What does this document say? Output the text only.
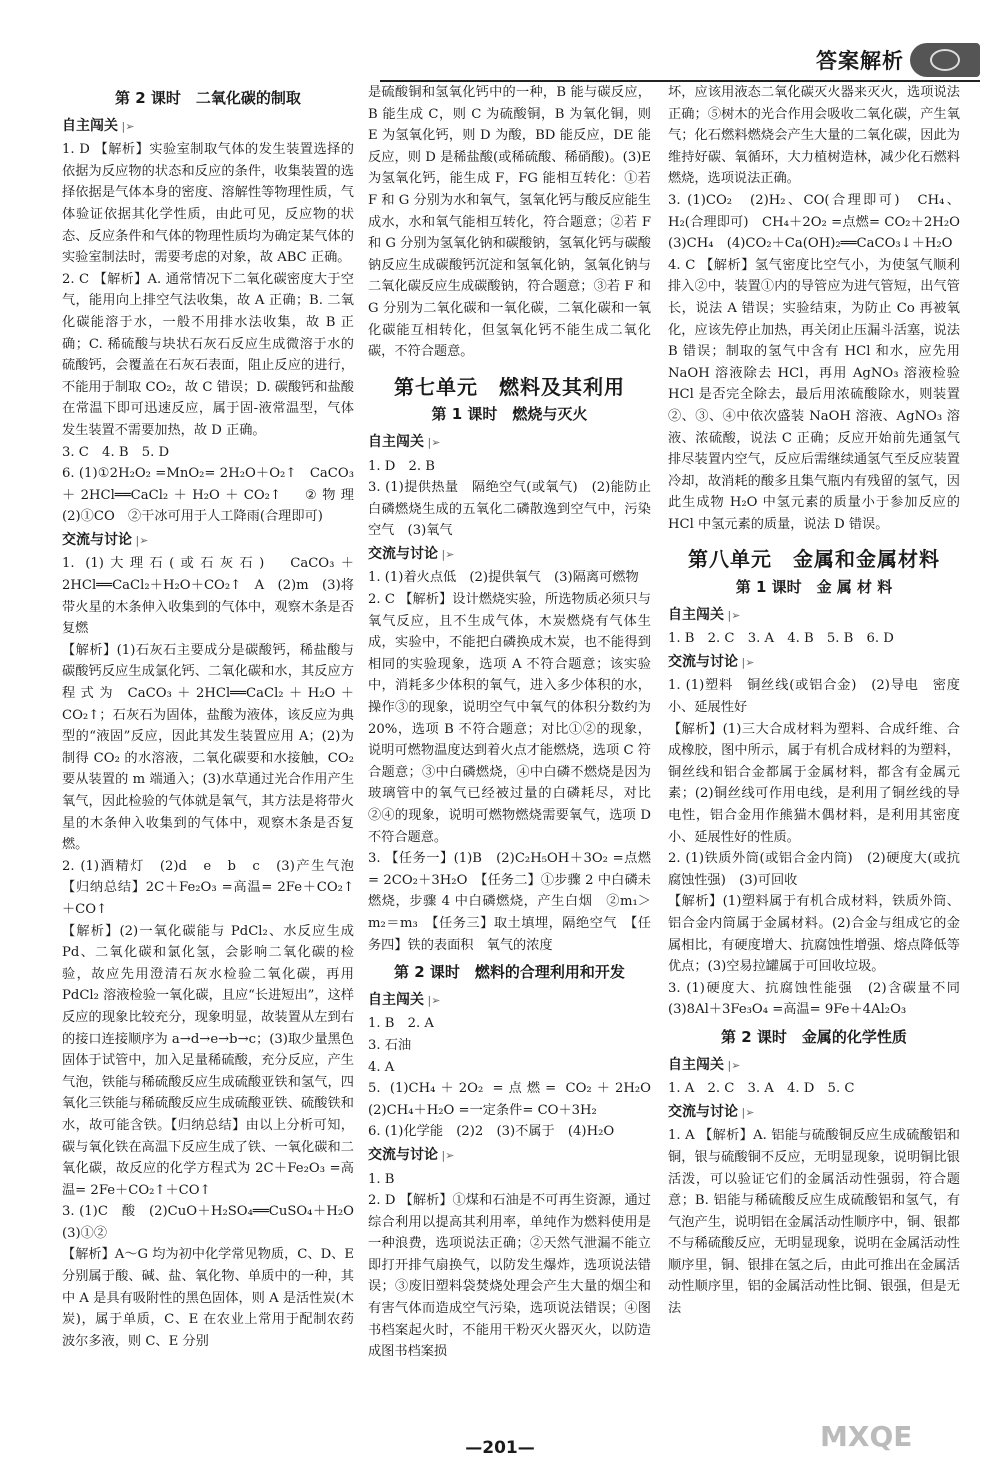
答案解析
第 2 课时　二氧化碳的制取
自主闯关 |➢
1. D 【解析】实验室制取气体的发生装置选择的依据为反应物的状态和反应的条件，收集装置的选择依据是气体本身的密度、溶解性等物理性质，气体验证依据其化学性质，由此可见，反应物的状态、反应条件和气体的物理性质均为确定某气体的实验室制法时，需要考虑的对象，故 ABC 正确。
2. C 【解析】A. 通常情况下二氧化碳密度大于空气，能用向上排空气法收集，故 A 正确；B. 二氧化碳能溶于水，一般不用排水法收集，故 B 正确；C. 稀硫酸与块状石灰石反应生成微溶于水的硫酸钙，会覆盖在石灰石表面，阻止反应的进行，不能用于制取 CO₂，故 C 错误；D. 碳酸钙和盐酸在常温下即可迅速反应，属于固-液常温型，气体发生装置不需要加热，故 D 正确。
3. C　4. B　5. D
6. (1)①2H₂O₂ =MnO₂= 2H₂O＋O₂↑　CaCO₃＋2HCl══CaCl₂＋H₂O＋CO₂↑　②物理　(2)①CO　②干冰可用于人工降雨(合理即可)
交流与讨论 |➢
1. (1)大理石(或石灰石)　CaCO₃＋2HCl══CaCl₂＋H₂O＋CO₂↑　A　(2)m　(3)将带火星的木条伸入收集到的气体中，观察木条是否复燃
【解析】(1)石灰石主要成分是碳酸钙，稀盐酸与碳酸钙反应生成氯化钙、二氧化碳和水，其反应方程式为 CaCO₃＋2HCl══CaCl₂＋H₂O＋CO₂↑；石灰石为固体，盐酸为液体，该反应为典型的“液固”反应，因此其发生装置应用 A；(2)为制得 CO₂ 的水溶液，二氧化碳要和水接触，CO₂ 要从装置的 m 端通入；(3)水草通过光合作用产生氧气，因此检验的气体就是氧气，其方法是将带火星的木条伸入收集到的气体中，观察木条是否复燃。
2. (1)酒精灯　(2)d　e　b　c　(3)产生气泡　【归纳总结】2C＋Fe₂O₃ =高温= 2Fe＋CO₂↑＋CO↑
【解析】(2)一氧化碳能与 PdCl₂、水反应生成 Pd、二氧化碳和氯化氢，会影响二氧化碳的检验，故应先用澄清石灰水检验二氧化碳，再用 PdCl₂ 溶液检验一氧化碳，且应“长进短出”，这样反应的现象比较充分，现象明显，故装置从左到右的接口连接顺序为 a→d→e→b→c；(3)取少量黑色固体于试管中，加入足量稀硫酸，充分反应，产生气泡，铁能与稀硫酸反应生成硫酸亚铁和氢气，四氧化三铁能与稀硫酸反应生成硫酸亚铁、硫酸铁和水，故可能含铁。【归纳总结】由以上分析可知，碳与氧化铁在高温下反应生成了铁、一氧化碳和二氧化碳，故反应的化学方程式为 2C＋Fe₂O₃ =高温= 2Fe＋CO₂↑＋CO↑
3. (1)C　酸　(2)CuO＋H₂SO₄══CuSO₄＋H₂O　(3)①②
【解析】A～G 均为初中化学常见物质，C、D、E 分别属于酸、碱、盐、氧化物、单质中的一种，其中 A 是具有吸附性的黑色固体，则 A 是活性炭(木炭)，属于单质，C、E 在农业上常用于配制农药波尔多液，则 C、E 分别
是硫酸铜和氢氧化钙中的一种，B 能与碳反应，B 能生成 C，则 C 为硫酸铜，B 为氧化铜，则 E 为氢氧化钙，则 D 为酸，BD 能反应，DE 能反应，则 D 是稀盐酸(或稀硫酸、稀硝酸)。(3)E 为氢氧化钙，能生成 F，FG 能相互转化：①若 F 和 G 分别为水和氧气，氢氧化钙与酸反应能生成水，水和氧气能相互转化，符合题意；②若 F 和 G 分别为氢氧化钠和碳酸钠，氢氧化钙与碳酸钠反应生成碳酸钙沉淀和氢氧化钠，氢氧化钠与二氧化碳反应生成碳酸钠，符合题意；③若 F 和 G 分别为二氧化碳和一氧化碳，二氧化碳和一氧化碳能互相转化，但氢氧化钙不能生成二氧化碳，不符合题意。
第七单元　燃料及其利用
第 1 课时　燃烧与灭火
自主闯关 |➢
1. D　2. B
3. (1)提供热量　隔绝空气(或氧气)　(2)能防止白磷燃烧生成的五氧化二磷散逸到空气中，污染空气　(3)氧气
交流与讨论 |➢
1. (1)着火点低　(2)提供氧气　(3)隔离可燃物
2. C 【解析】设计燃烧实验，所选物质必须只与氧气反应，且不生成气体，木炭燃烧有气体生成，实验中，不能把白磷换成木炭，也不能得到相同的实验现象，选项 A 不符合题意；该实验中，消耗多少体积的氧气，进入多少体积的水，操作③的现象，说明空气中氧气的体积分数约为 20%，选项 B 不符合题意；对比①②的现象，说明可燃物温度达到着火点才能燃烧，选项 C 符合题意；③中白磷燃烧，④中白磷不燃烧是因为玻璃管中的氧气已经被过量的白磷耗尽，对比②④的现象，说明可燃物燃烧需要氧气，选项 D 不符合题意。
3. 【任务一】(1)B　(2)C₂H₅OH＋3O₂ =点燃= 2CO₂＋3H₂O　【任务二】①步骤 2 中白磷未燃烧，步骤 4 中白磷燃烧，产生白烟　②m₁＞m₂＝m₃　【任务三】取土填埋，隔绝空气　【任务四】铁的表面积　氧气的浓度
第 2 课时　燃料的合理利用和开发
自主闯关 |➢
1. B　2. A
3. 石油
4. A
5. (1)CH₄＋2O₂ =点燃= CO₂＋2H₂O　(2)CH₄＋H₂O =一定条件= CO＋3H₂
6. (1)化学能　(2)2　(3)不属于　(4)H₂O
交流与讨论 |➢
1. B
2. D 【解析】①煤和石油是不可再生资源，通过综合利用以提高其利用率，单纯作为燃料使用是一种浪费，选项说法正确；②天然气泄漏不能立即打开排气扇换气，以防发生爆炸，选项说法错误；③废旧塑料袋焚烧处理会产生大量的烟尘和有害气体而造成空气污染，选项说法错误；④图书档案起火时，不能用干粉灭火器灭火，以防造成图书档案损
坏，应该用液态二氧化碳灭火器来灭火，选项说法正确；⑤树木的光合作用会吸收二氧化碳，产生氧气；化石燃料燃烧会产生大量的二氧化碳，因此为维持好碳、氧循环，大力植树造林，减少化石燃料燃烧，选项说法正确。
3. (1)CO₂　(2)H₂、CO(合理即可)　CH₄、H₂(合理即可)　CH₄＋2O₂ =点燃= CO₂＋2H₂O　(3)CH₄　(4)CO₂＋Ca(OH)₂══CaCO₃↓＋H₂O
4. C 【解析】氢气密度比空气小，为使氢气顺利排入②中，装置①内的导管应为进气管短，出气管长，说法 A 错误；实验结束，为防止 Co 再被氧化，应该先停止加热，再关闭止压漏斗活塞，说法 B 错误；制取的氢气中含有 HCl 和水，应先用 NaOH 溶液除去 HCl，再用 AgNO₃ 溶液检验 HCl 是否完全除去，最后用浓硫酸除水，则装置②、③、④中依次盛装 NaOH 溶液、AgNO₃ 溶液、浓硫酸，说法 C 正确；反应开始前先通氢气排尽装置内空气，反应后需继续通氢气至反应装置冷却，故消耗的酸多且集气瓶内有残留的氢气，因此生成物 H₂O 中氢元素的质量小于参加反应的 HCl 中氢元素的质量，说法 D 错误。
第八单元　金属和金属材料
第 1 课时　金 属 材 料
自主闯关 |➢
1. B　2. C　3. A　4. B　5. B　6. D
交流与讨论 |➢
1. (1)塑料　铜丝线(或铝合金)　(2)导电　密度小、延展性好
【解析】(1)三大合成材料为塑料、合成纤维、合成橡胶，图中所示，属于有机合成材料的为塑料，铜丝线和铝合金都属于金属材料，都含有金属元素；(2)铜丝线可作用电线，是利用了铜丝线的导电性，铝合金用作熊猫木偶材料，是利用其密度小、延展性好的性质。
2. (1)铁质外筒(或铝合金内筒)　(2)硬度大(或抗腐蚀性强)　(3)可回收
【解析】(1)塑料属于有机合成材料，铁质外筒、铝合金内筒属于金属材料。(2)合金与组成它的金属相比，有硬度增大、抗腐蚀性增强、熔点降低等优点；(3)空易拉罐属于可回收垃圾。
3. (1)硬度大、抗腐蚀性能强　(2)含碳量不同　(3)8Al＋3Fe₃O₄ =高温= 9Fe＋4Al₂O₃
第 2 课时　金属的化学性质
自主闯关 |➢
1. A　2. C　3. A　4. D　5. C
交流与讨论 |➢
1. A 【解析】A. 铝能与硫酸铜反应生成硫酸铝和铜，银与硫酸铜不反应，无明显现象，说明铜比银活泼，可以验证它们的金属活动性强弱，符合题意；B. 铝能与稀硫酸反应生成硫酸铝和氢气，有气泡产生，说明铝在金属活动性顺序中，铜、银都不与稀硫酸反应，无明显现象，说明在金属活动性顺序里，铜、银排在氢之后，由此可推出在金属活动性顺序里，铝的金属活动性比铜、银强，但是无法
—201—	MXQE
